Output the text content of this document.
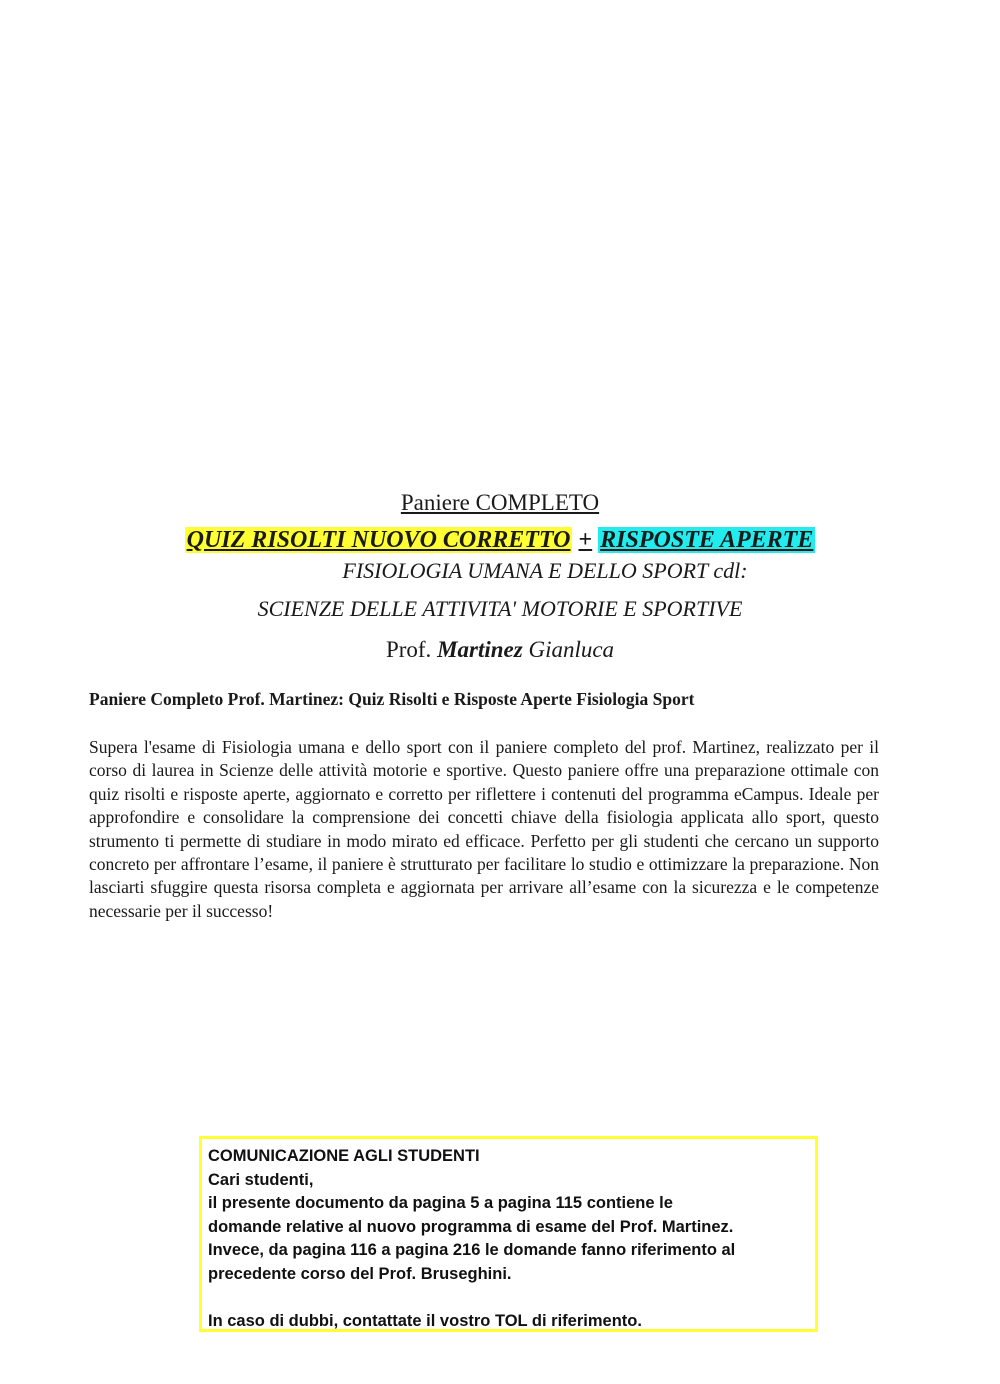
Paniere COMPLETO
QUIZ RISOLTI NUOVO CORRETTO + RISPOSTE APERTE
FISIOLOGIA UMANA E DELLO SPORT cdl:
SCIENZE DELLE ATTIVITA' MOTORIE E SPORTIVE
Prof. Martinez Gianluca
Paniere Completo Prof. Martinez: Quiz Risolti e Risposte Aperte Fisiologia Sport
Supera l'esame di Fisiologia umana e dello sport con il paniere completo del prof. Martinez, realizzato per il corso di laurea in Scienze delle attività motorie e sportive. Questo paniere offre una preparazione ottimale con quiz risolti e risposte aperte, aggiornato e corretto per riflettere i contenuti del programma eCampus. Ideale per approfondire e consolidare la comprensione dei concetti chiave della fisiologia applicata allo sport, questo strumento ti permette di studiare in modo mirato ed efficace. Perfetto per gli studenti che cercano un supporto concreto per affrontare l’esame, il paniere è strutturato per facilitare lo studio e ottimizzare la preparazione. Non lasciarti sfuggire questa risorsa completa e aggiornata per arrivare all’esame con la sicurezza e le competenze necessarie per il successo!
COMUNICAZIONE AGLI STUDENTI
Cari studenti,
il presente documento da pagina 5 a pagina 115 contiene le
domande relative al nuovo programma di esame del Prof. Martinez.
Invece, da pagina 116 a pagina 216 le domande fanno riferimento al
precedente corso del Prof. Bruseghini.
In caso di dubbi, contattate il vostro TOL di riferimento.
